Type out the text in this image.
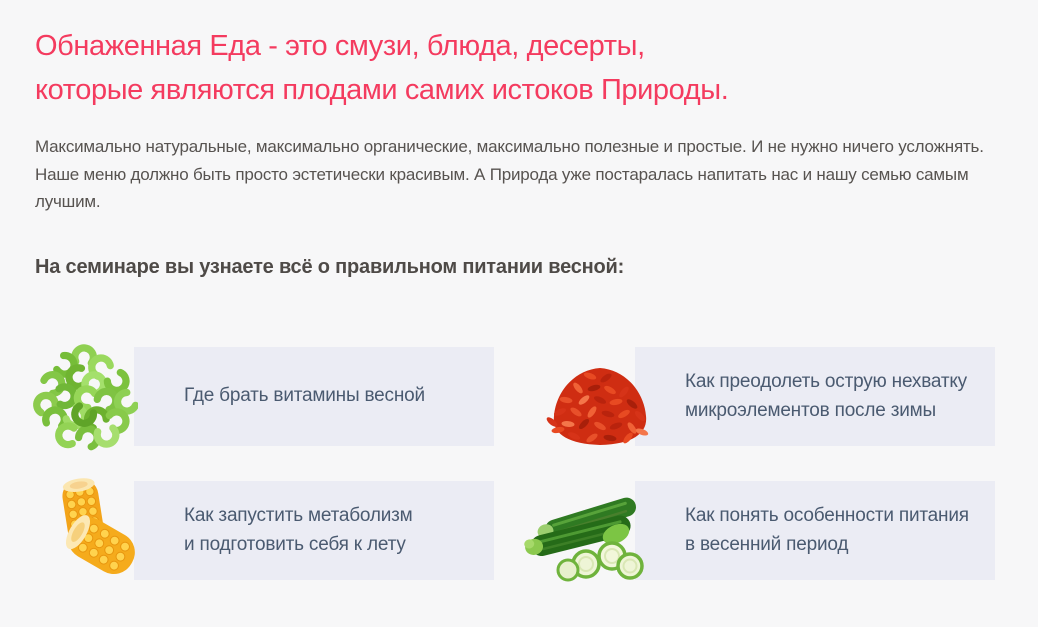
Обнаженная Еда - это смузи, блюда, десерты,
которые являются плодами самих истоков Природы.

Максимально натуральные, максимально органические, максимально полезные и простые. И не нужно ничего усложнять.
Наше меню должно быть просто эстетически красивым. А Природа уже постаралась напитать нас и нашу семью самым
лучшим.

На семинаре вы узнаете всё о правильном питании весной:
Где брать витамины весной
Как преодолеть острую нехватку
микроэлементов после зимы
Как запустить метаболизм
и подготовить себя к лету
Как понять особенности питания
в весенний период
